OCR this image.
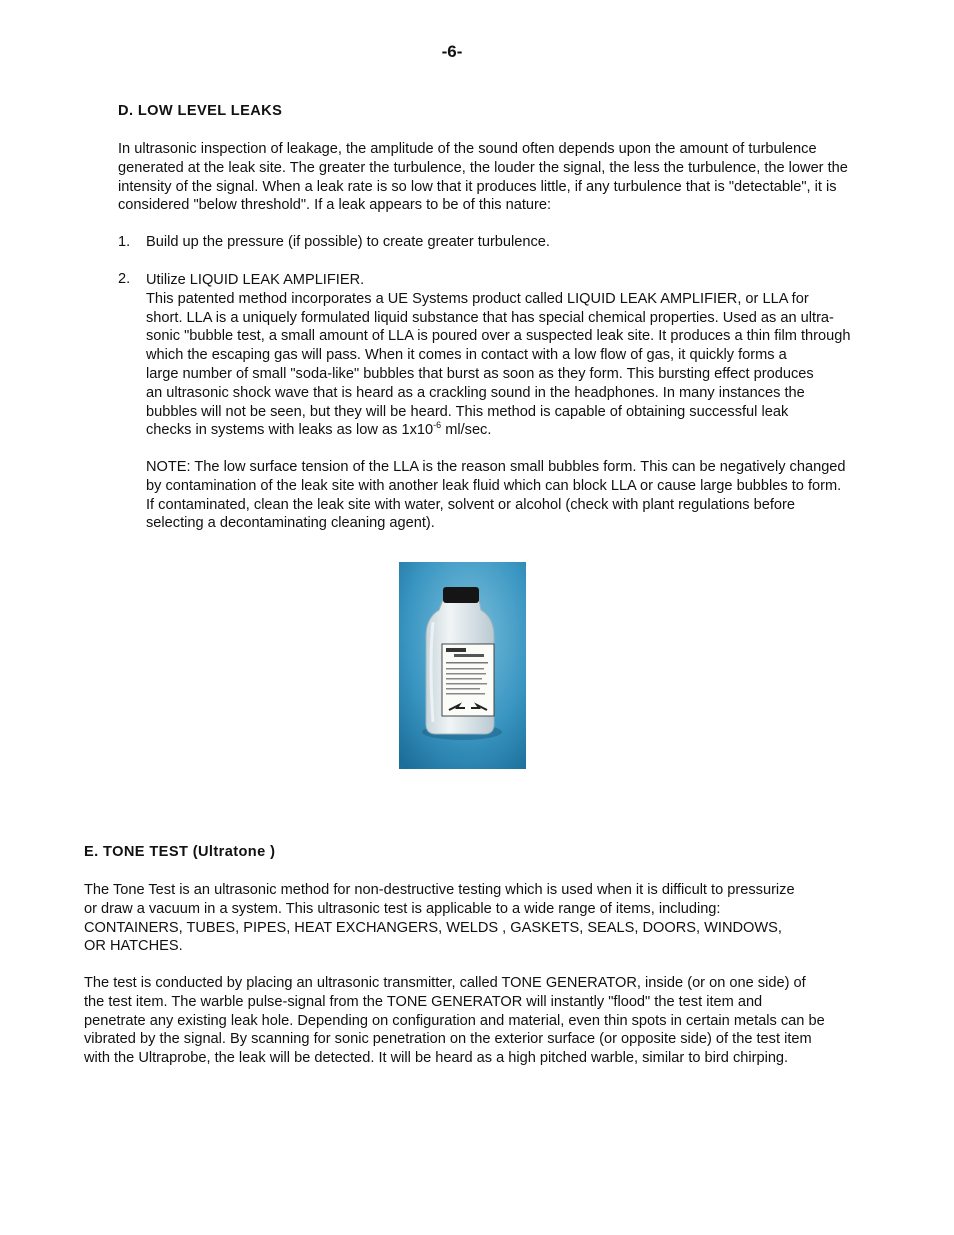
-6-
D. LOW LEVEL LEAKS
In ultrasonic inspection of leakage, the amplitude of the sound often depends upon the amount of turbulence
generated at the leak site. The greater the turbulence, the louder the signal, the less the turbulence, the lower the
intensity of the signal. When a leak rate is so low that it produces little, if any turbulence that is "detectable", it is
considered "below threshold". If a leak appears to be of this nature:
1. Build up the pressure (if possible) to create greater turbulence.
2. Utilize LIQUID LEAK AMPLIFIER.
This patented method incorporates a UE Systems product called LIQUID LEAK AMPLIFIER, or LLA for
short. LLA is a uniquely formulated liquid substance that has special chemical properties. Used as an ultra-
sonic "bubble test, a small amount of LLA is poured over a suspected leak site. It produces a thin film through
which the escaping gas will pass. When it comes in contact with a low flow of gas, it quickly forms a
large number of small "soda-like" bubbles that burst as soon as they form. This bursting effect produces
an ultrasonic shock wave that is heard as a crackling sound in the headphones. In many instances the
bubbles will not be seen, but they will be heard. This method is capable of obtaining successful leak
checks in systems with leaks as low as $1x10^{-6}$ ml/sec.
NOTE: The low surface tension of the LLA is the reason small bubbles form. This can be negatively changed
by contamination of the leak site with another leak fluid which can block LLA or cause large bubbles to form.
If contaminated, clean the leak site with water, solvent or alcohol (check with plant regulations before
selecting a decontaminating cleaning agent).
E. TONE TEST (Ultratone )
The Tone Test is an ultrasonic method for non-destructive testing which is used when it is difficult to pressurize
or draw a vacuum in a system. This ultrasonic test is applicable to a wide range of items, including:
CONTAINERS, TUBES, PIPES, HEAT EXCHANGERS, WELDS , GASKETS, SEALS, DOORS, WINDOWS,
OR HATCHES.
The test is conducted by placing an ultrasonic transmitter, called TONE GENERATOR, inside (or on one side) of
the test item. The warble pulse-signal from the TONE GENERATOR will instantly "flood" the test item and
penetrate any existing leak hole. Depending on configuration and material, even thin spots in certain metals can be
vibrated by the signal. By scanning for sonic penetration on the exterior surface (or opposite side) of the test item
with the Ultraprobe, the leak will be detected. It will be heard as a high pitched warble, similar to bird chirping.
